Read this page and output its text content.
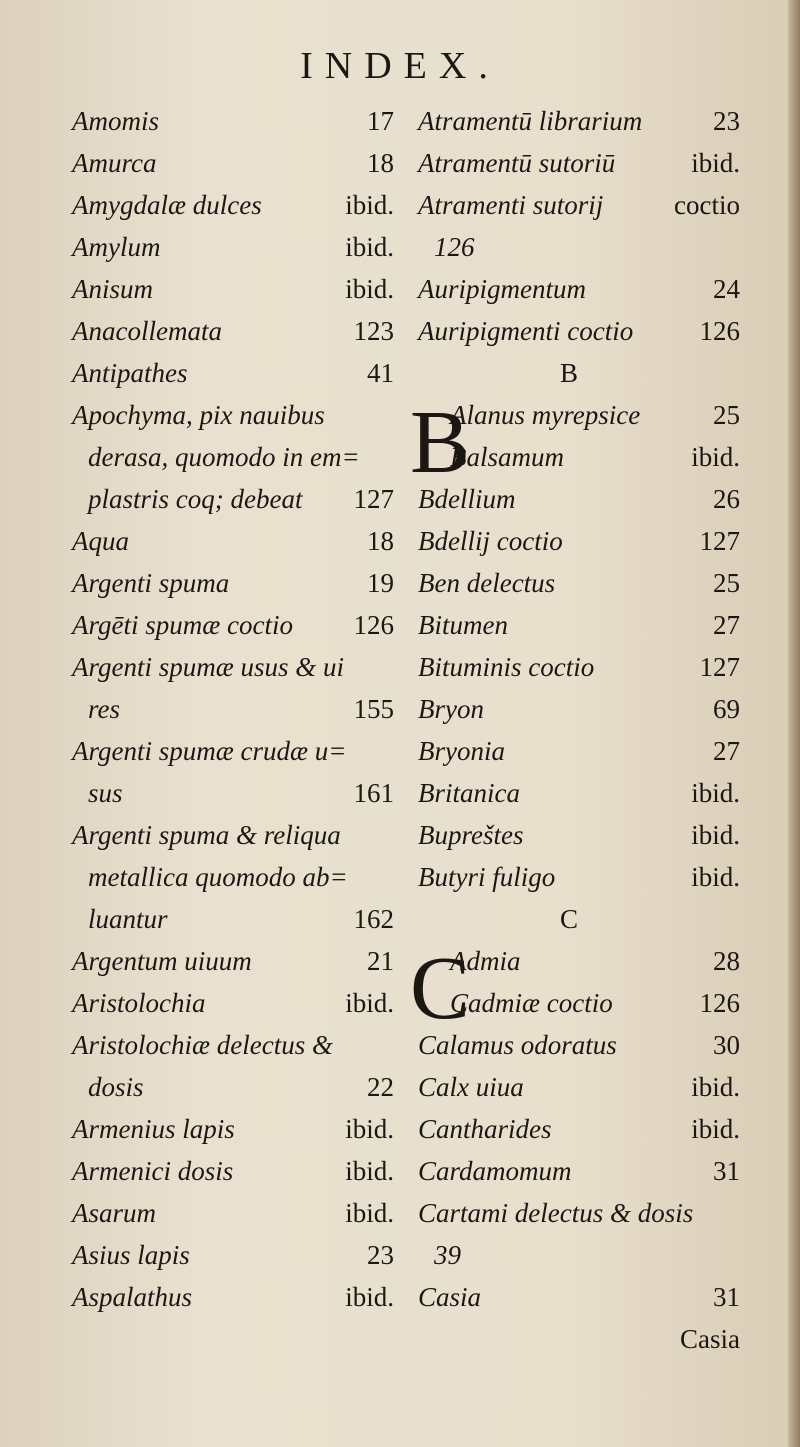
INDEX.
Amomis	17
Amurca	18
Amygdalæ dulces	ibid.
Amylum	ibid.
Anisum	ibid.
Anacollemata	123
Antipathes	41
Apochyma, pix nauibus
derasa, quomodo in em=
plastris coq; debeat 127
Aqua	18
Argenti spuma	19
Argēti spumæ coctio 126
Argenti spumæ usus & ui
res	155
Argenti spumæ crudæ u=
sus	161
Argenti spuma & reliqua
metallica quomodo ab=
luantur	162
Argentum uiuum	21
Aristolochia	ibid.
Aristolochiæ delectus &
dosis	22
Armenius lapis	ibid.
Armenici dosis	ibid.
Asarum	ibid.
Asius lapis	23
Aspalathus	ibid.
Atramentū librarium	23
Atramentū sutoriū	ibid.
Atramenti sutorij	coctio
126
Auripigmentum	24
Auripigmenti coctio 126
B
B
Alanus myrepsice	25
Balsamum	ibid.
Bdellium	26
Bdellij coctio	127
Ben delectus	25
Bitumen	27
Bituminis coctio	127
Bryon	69
Bryonia	27
Britanica	ibid.
Bupreštes	ibid.
Butyri fuligo	ibid.
C
C
Admia	28
Cadmiæ coctio	126
Calamus odoratus	30
Calx uiua	ibid.
Cantharides	ibid.
Cardamomum	31
Cartami delectus & dosis
39
Casia	31
Casia
